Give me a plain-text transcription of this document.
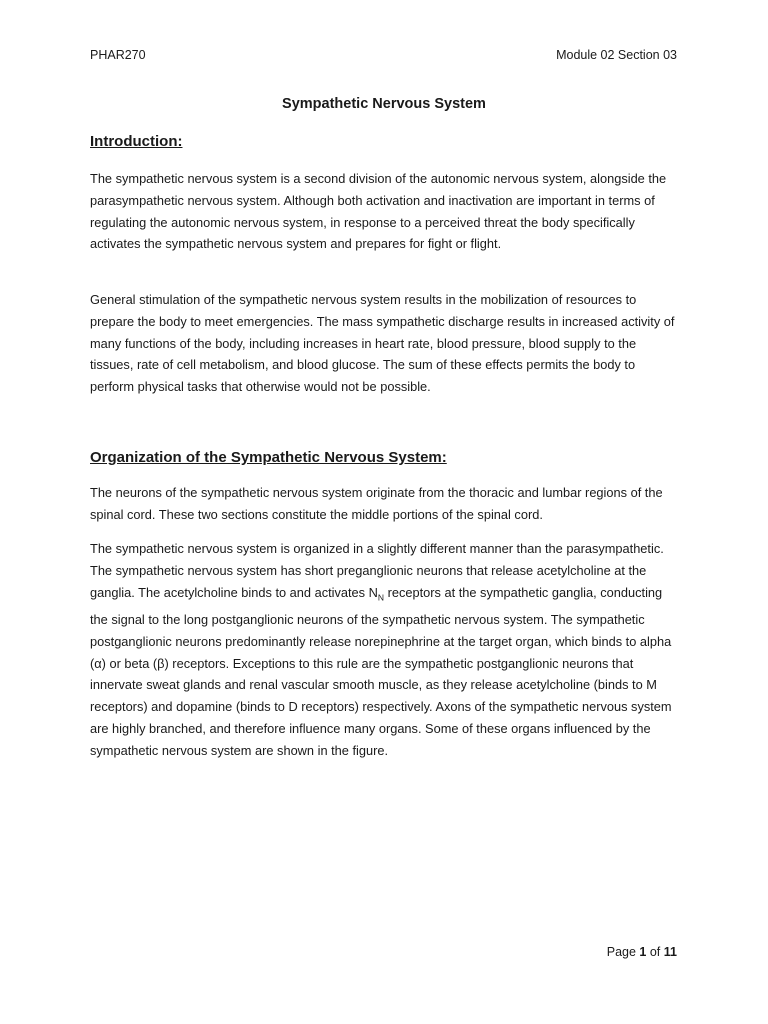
PHAR270	Module 02 Section 03
Sympathetic Nervous System
Introduction:

The sympathetic nervous system is a second division of the autonomic nervous system, alongside the parasympathetic nervous system. Although both activation and inactivation are important in terms of regulating the autonomic nervous system, in response to a perceived threat the body specifically activates the sympathetic nervous system and prepares for fight or flight.

General stimulation of the sympathetic nervous system results in the mobilization of resources to prepare the body to meet emergencies. The mass sympathetic discharge results in increased activity of many functions of the body, including increases in heart rate, blood pressure, blood supply to the tissues, rate of cell metabolism, and blood glucose. The sum of these effects permits the body to perform physical tasks that otherwise would not be possible.

Organization of the Sympathetic Nervous System:

The neurons of the sympathetic nervous system originate from the thoracic and lumbar regions of the spinal cord. These two sections constitute the middle portions of the spinal cord.

The sympathetic nervous system is organized in a slightly different manner than the parasympathetic. The sympathetic nervous system has short preganglionic neurons that release acetylcholine at the ganglia. The acetylcholine binds to and activates $N_N$ receptors at the sympathetic ganglia, conducting the signal to the long postganglionic neurons of the sympathetic nervous system. The sympathetic postganglionic neurons predominantly release norepinephrine at the target organ, which binds to alpha (α) or beta (β) receptors. Exceptions to this rule are the sympathetic postganglionic neurons that innervate sweat glands and renal vascular smooth muscle, as they release acetylcholine (binds to M receptors) and dopamine (binds to D receptors) respectively. Axons of the sympathetic nervous system are highly branched, and therefore influence many organs. Some of these organs influenced by the sympathetic nervous system are shown in the figure.

Page 1 of 11
